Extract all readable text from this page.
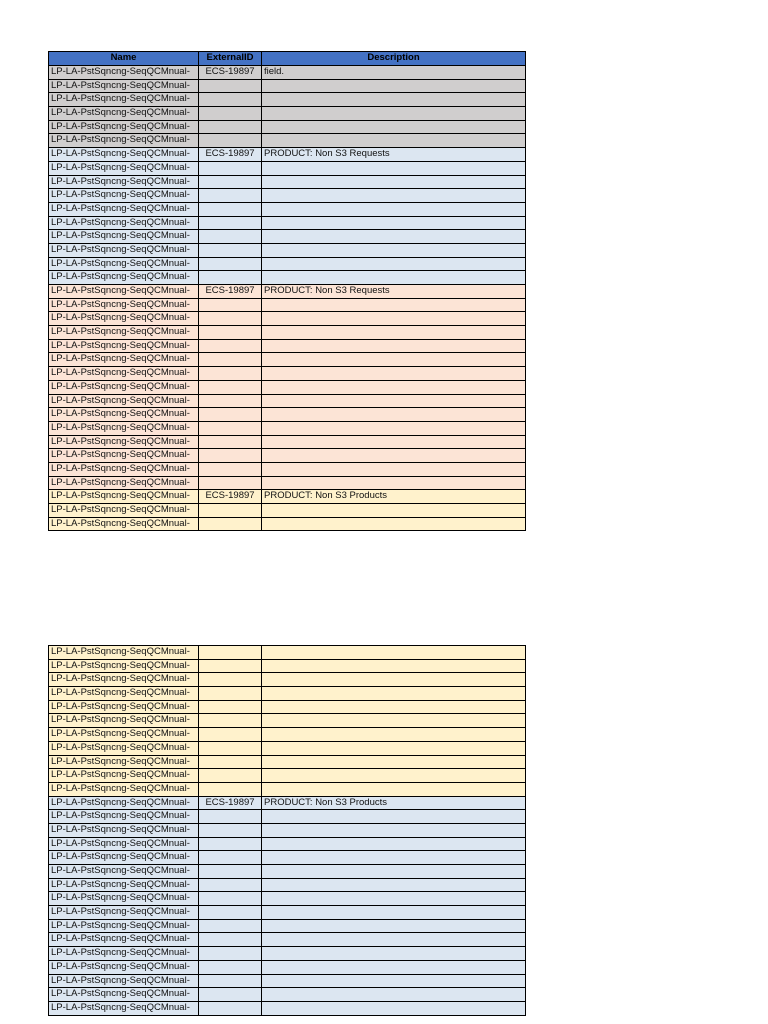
Name	ExternalID	Description
LP-LA-PstSqncng-SeqQCMnual-	ECS-19897	field.
LP-LA-PstSqncng-SeqQCMnual-		
LP-LA-PstSqncng-SeqQCMnual-		
LP-LA-PstSqncng-SeqQCMnual-		
LP-LA-PstSqncng-SeqQCMnual-		
LP-LA-PstSqncng-SeqQCMnual-		
LP-LA-PstSqncng-SeqQCMnual-	ECS-19897	PRODUCT: Non S3 Requests
LP-LA-PstSqncng-SeqQCMnual-		
LP-LA-PstSqncng-SeqQCMnual-		
LP-LA-PstSqncng-SeqQCMnual-		
LP-LA-PstSqncng-SeqQCMnual-		
LP-LA-PstSqncng-SeqQCMnual-		
LP-LA-PstSqncng-SeqQCMnual-		
LP-LA-PstSqncng-SeqQCMnual-		
LP-LA-PstSqncng-SeqQCMnual-		
LP-LA-PstSqncng-SeqQCMnual-		
LP-LA-PstSqncng-SeqQCMnual-	ECS-19897	PRODUCT: Non S3 Requests
LP-LA-PstSqncng-SeqQCMnual-		
LP-LA-PstSqncng-SeqQCMnual-		
LP-LA-PstSqncng-SeqQCMnual-		
LP-LA-PstSqncng-SeqQCMnual-		
LP-LA-PstSqncng-SeqQCMnual-		
LP-LA-PstSqncng-SeqQCMnual-		
LP-LA-PstSqncng-SeqQCMnual-		
LP-LA-PstSqncng-SeqQCMnual-		
LP-LA-PstSqncng-SeqQCMnual-		
LP-LA-PstSqncng-SeqQCMnual-		
LP-LA-PstSqncng-SeqQCMnual-		
LP-LA-PstSqncng-SeqQCMnual-		
LP-LA-PstSqncng-SeqQCMnual-		
LP-LA-PstSqncng-SeqQCMnual-		
LP-LA-PstSqncng-SeqQCMnual-	ECS-19897	PRODUCT: Non S3 Products
LP-LA-PstSqncng-SeqQCMnual-		
LP-LA-PstSqncng-SeqQCMnual-		
LP-LA-PstSqncng-SeqQCMnual-		
LP-LA-PstSqncng-SeqQCMnual-		
LP-LA-PstSqncng-SeqQCMnual-		
LP-LA-PstSqncng-SeqQCMnual-		
LP-LA-PstSqncng-SeqQCMnual-		
LP-LA-PstSqncng-SeqQCMnual-		
LP-LA-PstSqncng-SeqQCMnual-		
LP-LA-PstSqncng-SeqQCMnual-		
LP-LA-PstSqncng-SeqQCMnual-		
LP-LA-PstSqncng-SeqQCMnual-		
LP-LA-PstSqncng-SeqQCMnual-		
LP-LA-PstSqncng-SeqQCMnual-	ECS-19897	PRODUCT: Non S3 Products
LP-LA-PstSqncng-SeqQCMnual-		
LP-LA-PstSqncng-SeqQCMnual-		
LP-LA-PstSqncng-SeqQCMnual-		
LP-LA-PstSqncng-SeqQCMnual-		
LP-LA-PstSqncng-SeqQCMnual-		
LP-LA-PstSqncng-SeqQCMnual-		
LP-LA-PstSqncng-SeqQCMnual-		
LP-LA-PstSqncng-SeqQCMnual-		
LP-LA-PstSqncng-SeqQCMnual-		
LP-LA-PstSqncng-SeqQCMnual-		
LP-LA-PstSqncng-SeqQCMnual-		
LP-LA-PstSqncng-SeqQCMnual-		
LP-LA-PstSqncng-SeqQCMnual-		
LP-LA-PstSqncng-SeqQCMnual-		
LP-LA-PstSqncng-SeqQCMnual-		
